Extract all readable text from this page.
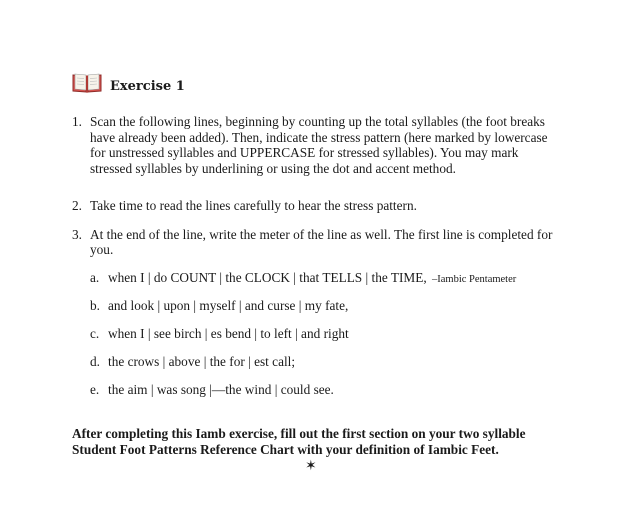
Exercise 1
1. Scan the following lines, beginning by counting up the total syllables (the foot breaks have already been added). Then, indicate the stress pattern (here marked by lowercase for unstressed syllables and UPPERCASE for stressed syllables). You may mark stressed syllables by underlining or using the dot and accent method.
2. Take time to read the lines carefully to hear the stress pattern.
3. At the end of the line, write the meter of the line as well. The first line is completed for you.
a. when I | do COUNT | the CLOCK | that TELLS | the TIME, –Iambic Pentameter
b. and look | upon | myself | and curse | my fate,
c. when I | see birch | es bend | to left | and right
d. the crows | above | the for | est call;
e. the aim | was song |—the wind | could see.
After completing this Iamb exercise, fill out the first section on your two syllable Student Foot Patterns Reference Chart with your definition of Iambic Feet.
✶
